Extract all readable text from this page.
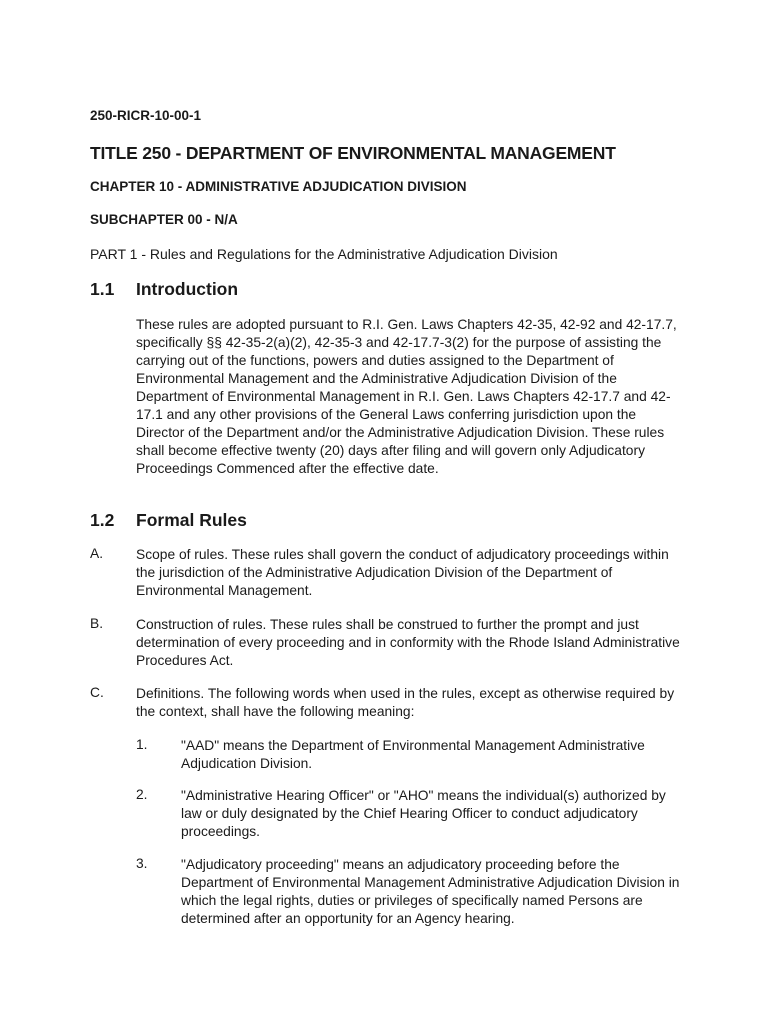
250-RICR-10-00-1
TITLE 250 - DEPARTMENT OF ENVIRONMENTAL MANAGEMENT
CHAPTER 10 - ADMINISTRATIVE ADJUDICATION DIVISION
SUBCHAPTER 00 - N/A
PART 1 - Rules and Regulations for the Administrative Adjudication Division
1.1 Introduction

These rules are adopted pursuant to R.I. Gen. Laws Chapters 42-35, 42-92 and 42-17.7, specifically §§ 42-35-2(a)(2), 42-35-3 and 42-17.7-3(2) for the purpose of assisting the carrying out of the functions, powers and duties assigned to the Department of Environmental Management and the Administrative Adjudication Division of the Department of Environmental Management in R.I. Gen. Laws Chapters 42-17.7 and 42-17.1 and any other provisions of the General Laws conferring jurisdiction upon the Director of the Department and/or the Administrative Adjudication Division. These rules shall become effective twenty (20) days after filing and will govern only Adjudicatory Proceedings Commenced after the effective date.

1.2 Formal Rules
A. Scope of rules. These rules shall govern the conduct of adjudicatory proceedings within the jurisdiction of the Administrative Adjudication Division of the Department of Environmental Management.

B. Construction of rules. These rules shall be construed to further the prompt and just determination of every proceeding and in conformity with the Rhode Island Administrative Procedures Act.

C. Definitions. The following words when used in the rules, except as otherwise required by the context, shall have the following meaning:

1. "AAD" means the Department of Environmental Management Administrative Adjudication Division.

2. "Administrative Hearing Officer" or "AHO" means the individual(s) authorized by law or duly designated by the Chief Hearing Officer to conduct adjudicatory proceedings.

3. "Adjudicatory proceeding" means an adjudicatory proceeding before the Department of Environmental Management Administrative Adjudication Division in which the legal rights, duties or privileges of specifically named Persons are determined after an opportunity for an Agency hearing.
